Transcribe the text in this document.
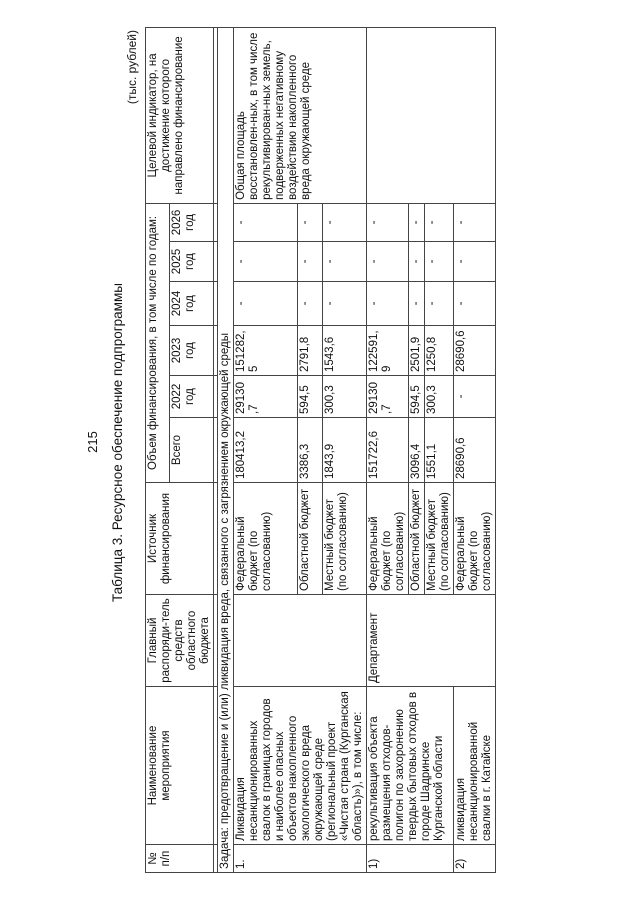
215 Таблица 3. Ресурсное обеспечение подпрограммы
(тыс. рублей)
№ п/п	Наименование мероприятия	Главный распоряди-тель средств областного бюджета	Источник финансирования	Объем финансирования, в том числе по годам:						Целевой индикатор, на достижение которого направлено финансирование
				Всего	2022 год	2023 год	2024 год	2025 год	2026 год	

Задача: предотвращение и (или) ликвидация вреда, связанного с загрязнением окружающей среды										
1.	Ликвидация несанкционированных свалок в границах городов и наиболее опасных объектов накопленного экологического вреда окружающей среде (региональный проект «Чистая страна (Курганская область)»), в том числе:		Федеральный бюджет (по согласованию)	180413,2	29130,7	151282,5	-	-	-	Общая площадь восстановлен-ных, в том числе рекультивирован-ных земель, подверженных негативному воздействию накопленного вреда окружающей среде
			Областной бюджет	3386,3	594,5	2791,8	-	-	-	
			Местный бюджет (по согласованию)	1843,9	300,3	1543,6	-	-	-	
1)	рекультивация объекта размещения отходов-полигон по захоронению твердых бытовых отходов в городе Шадринске Курганской области	Департамент	Федеральный бюджет (по согласованию)	151722,6	29130,7	122591,9	-	-	-	
			Областной бюджет	3096,4	594,5	2501,9	-	-	-	
			Местный бюджет (по согласованию)	1551,1	300,3	1250,8	-	-	-	
2)	ликвидация несанкционированной свалки в г. Катайске		Федеральный бюджет (по согласованию)	28690,6	-	28690,6	-	-	-	
